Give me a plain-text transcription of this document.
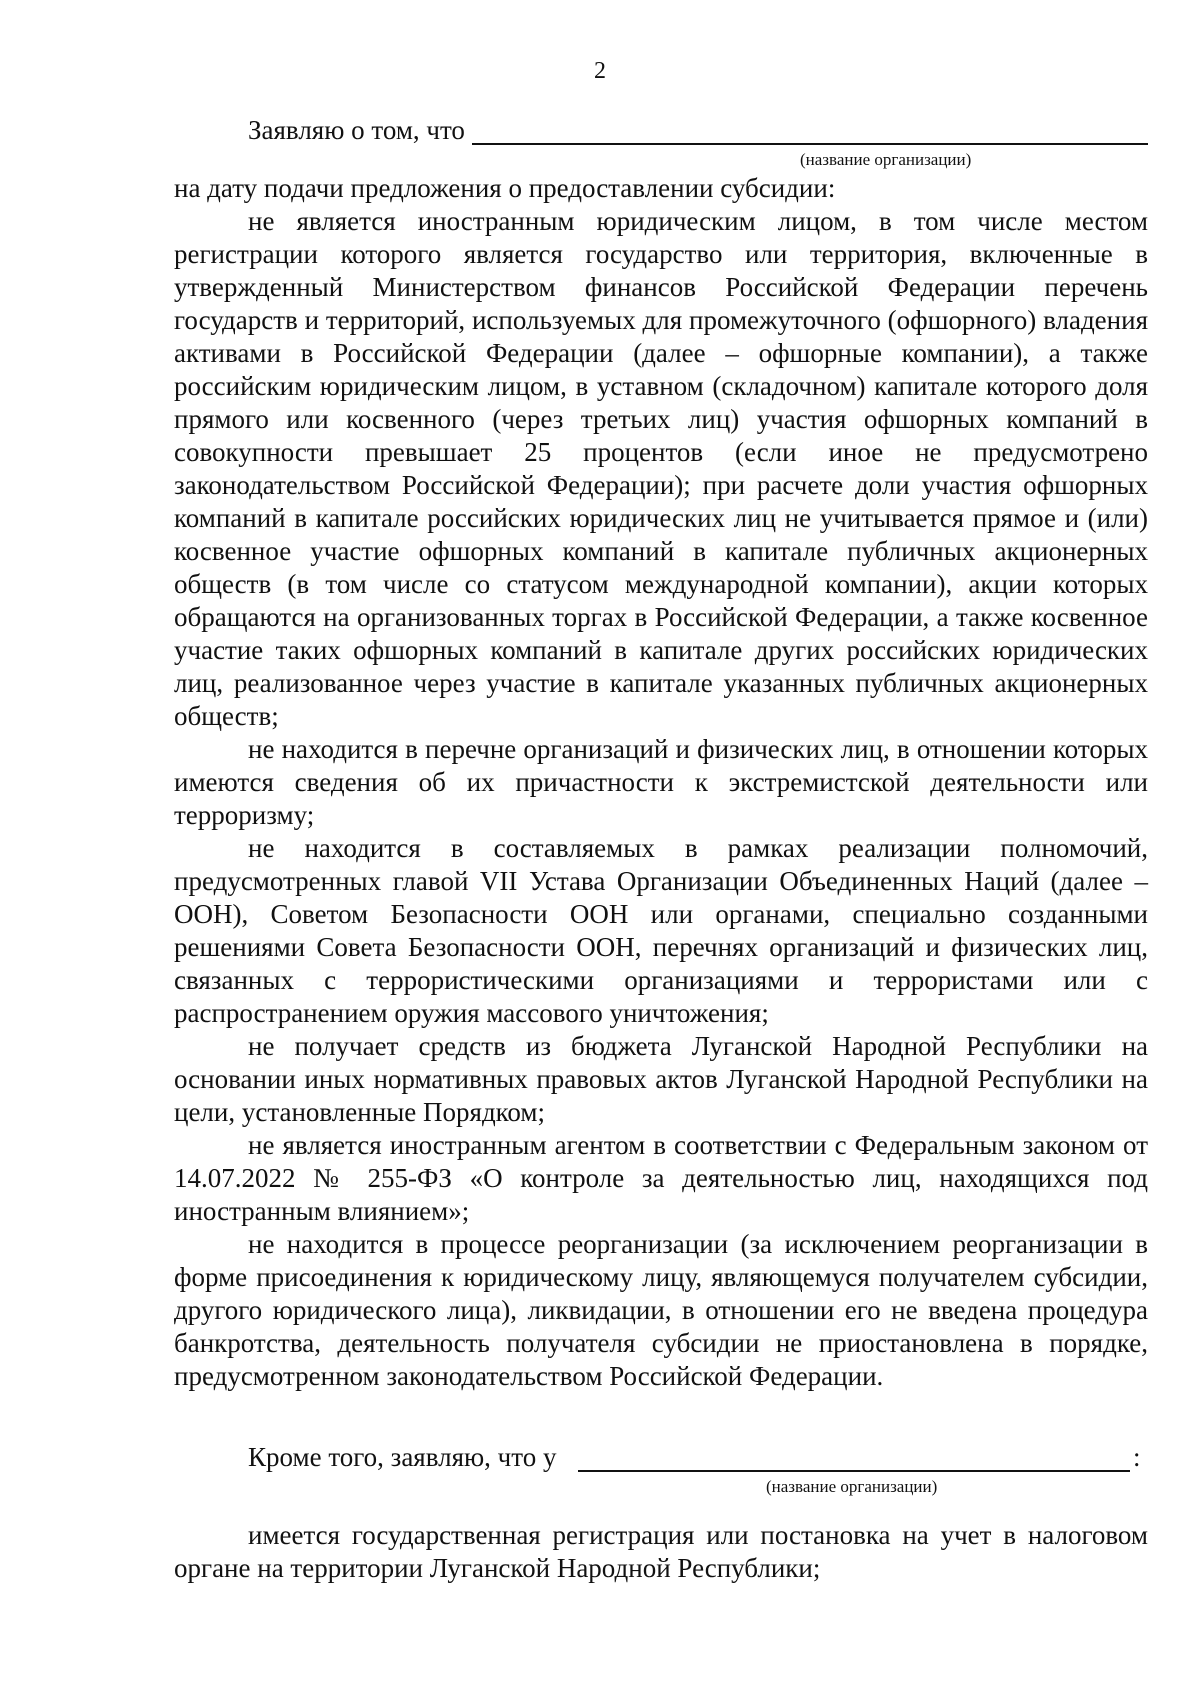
2
Заявляю о том, что
(название организации)

на дату подачи предложения о предоставлении субсидии:

не является иностранным юридическим лицом, в том числе местом регистрации которого является государство или территория, включенные в утвержденный Министерством финансов Российской Федерации перечень государств и территорий, используемых для промежуточного (офшорного) владения активами в Российской Федерации (далее – офшорные компании), а также российским юридическим лицом, в уставном (складочном) капитале которого доля прямого или косвенного (через третьих лиц) участия офшорных компаний в совокупности превышает 25 процентов (если иное не предусмотрено законодательством Российской Федерации); при расчете доли участия офшорных компаний в капитале российских юридических лиц не учитывается прямое и (или) косвенное участие офшорных компаний в капитале публичных акционерных обществ (в том числе со статусом международной компании), акции которых обращаются на организованных торгах в Российской Федерации, а также косвенное участие таких офшорных компаний в капитале других российских юридических лиц, реализованное через участие в капитале указанных публичных акционерных обществ;

не находится в перечне организаций и физических лиц, в отношении которых имеются сведения об их причастности к экстремистской деятельности или терроризму;

не находится в составляемых в рамках реализации полномочий, предусмотренных главой VII Устава Организации Объединенных Наций (далее – ООН), Советом Безопасности ООН или органами, специально созданными решениями Совета Безопасности ООН, перечнях организаций и физических лиц, связанных с террористическими организациями и террористами или с распространением оружия массового уничтожения;

не получает средств из бюджета Луганской Народной Республики на основании иных нормативных правовых актов Луганской Народной Республики на цели, установленные Порядком;

не является иностранным агентом в соответствии с Федеральным законом от 14.07.2022 № 255-ФЗ «О контроле за деятельностью лиц, находящихся под иностранным влиянием»;

не находится в процессе реорганизации (за исключением реорганизации в форме присоединения к юридическому лицу, являющемуся получателем субсидии, другого юридического лица), ликвидации, в отношении его не введена процедура банкротства, деятельность получателя субсидии не приостановлена в порядке, предусмотренном законодательством Российской Федерации.

Кроме того, заявляю, что у	:
(название организации)

имеется государственная регистрация или постановка на учет в налоговом органе на территории Луганской Народной Республики;
